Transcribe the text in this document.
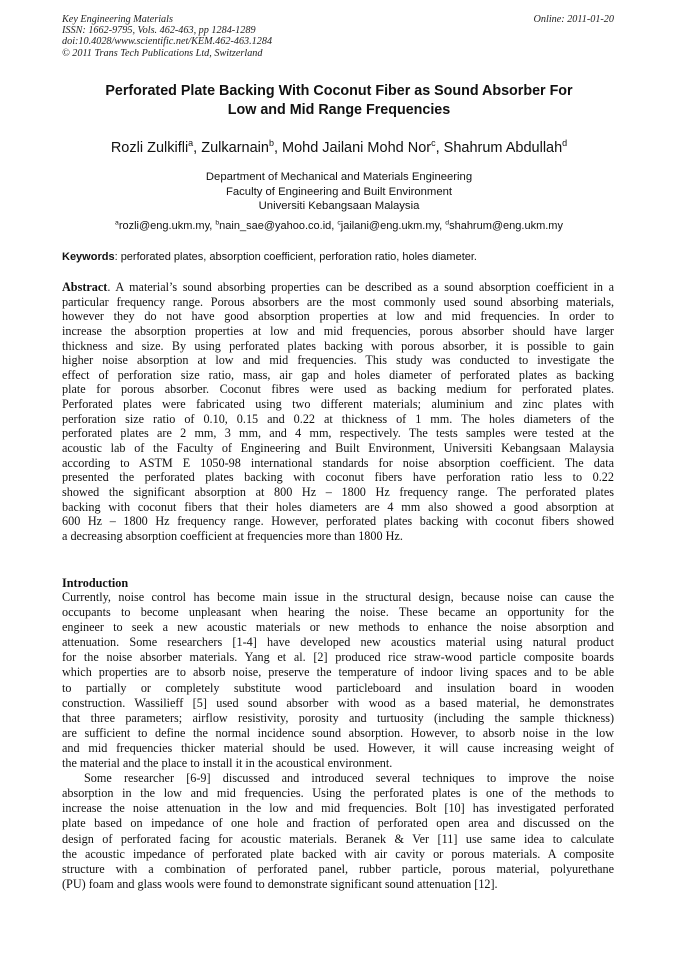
Key Engineering Materials
ISSN: 1662-9795, Vols. 462-463, pp 1284-1289
doi:10.4028/www.scientific.net/KEM.462-463.1284
© 2011 Trans Tech Publications Ltd, Switzerland
Online: 2011-01-20
Perforated Plate Backing With Coconut Fiber as Sound Absorber For
Low and Mid Range Frequencies
Rozli Zulkifli$^a$, Zulkarnain$^b$, Mohd Jailani Mohd Nor$^c$, Shahrum Abdullah$^d$
Department of Mechanical and Materials Engineering
Faculty of Engineering and Built Environment
Universiti Kebangsaan Malaysia
$^a$rozli@eng.ukm.my, $^b$nain_sae@yahoo.co.id, $^c$jailani@eng.ukm.my, $^d$shahrum@eng.ukm.my
Keywords: perforated plates, absorption coefficient, perforation ratio, holes diameter.
Abstract. A material’s sound absorbing properties can be described as a sound absorption coefficient in a
particular frequency range. Porous absorbers are the most commonly used sound absorbing materials,
however they do not have good absorption properties at low and mid frequencies. In order to
increase the absorption properties at low and mid frequencies, porous absorber should have larger
thickness and size. By using perforated plates backing with porous absorber, it is possible to gain
higher noise absorption at low and mid frequencies. This study was conducted to investigate the
effect of perforation size ratio, mass, air gap and holes diameter of perforated plates as backing
plate for porous absorber. Coconut fibres were used as backing medium for perforated plates.
Perforated plates were fabricated using two different materials; aluminium and zinc plates with
perforation size ratio of 0.10, 0.15 and 0.22 at thickness of 1 mm. The holes diameters of the
perforated plates are 2 mm, 3 mm, and 4 mm, respectively. The tests samples were tested at the
acoustic lab of the Faculty of Engineering and Built Environment, Universiti Kebangsaan Malaysia
according to ASTM E 1050-98 international standards for noise absorption coefficient. The data
presented the perforated plates backing with coconut fibers have perforation ratio less to 0.22
showed the significant absorption at 800 Hz – 1800 Hz frequency range. The perforated plates
backing with coconut fibers that their holes diameters are 4 mm also showed a good absorption at
600 Hz – 1800 Hz frequency range. However, perforated plates backing with coconut fibers showed
a decreasing absorption coefficient at frequencies more than 1800 Hz.
Introduction
Currently, noise control has become main issue in the structural design, because noise can cause the
occupants to become unpleasant when hearing the noise. These became an opportunity for the
engineer to seek a new acoustic materials or new methods to enhance the noise absorption and
attenuation. Some researchers [1-4] have developed new acoustics material using natural product
for the noise absorber materials. Yang et al. [2] produced rice straw-wood particle composite boards
which properties are to absorb noise, preserve the temperature of indoor living spaces and to be able
to partially or completely substitute wood particleboard and insulation board in wooden
construction. Wassilieff [5] used sound absorber with wood as a based material, he demonstrates
that three parameters; airflow resistivity, porosity and turtuosity (including the sample thickness)
are sufficient to define the normal incidence sound absorption. However, to absorb noise in the low
and mid frequencies thicker material should be used. However, it will cause increasing weight of
the material and the place to install it in the acoustical environment.
Some researcher [6-9] discussed and introduced several techniques to improve the noise
absorption in the low and mid frequencies. Using the perforated plates is one of the methods to
increase the noise attenuation in the low and mid frequencies. Bolt [10] has investigated perforated
plate based on impedance of one hole and fraction of perforated open area and discussed on the
design of perforated facing for acoustic materials. Beranek & Ver [11] use same idea to calculate
the acoustic impedance of perforated plate backed with air cavity or porous materials. A composite
structure with a combination of perforated panel, rubber particle, porous material, polyurethane
(PU) foam and glass wools were found to demonstrate significant sound attenuation [12].
